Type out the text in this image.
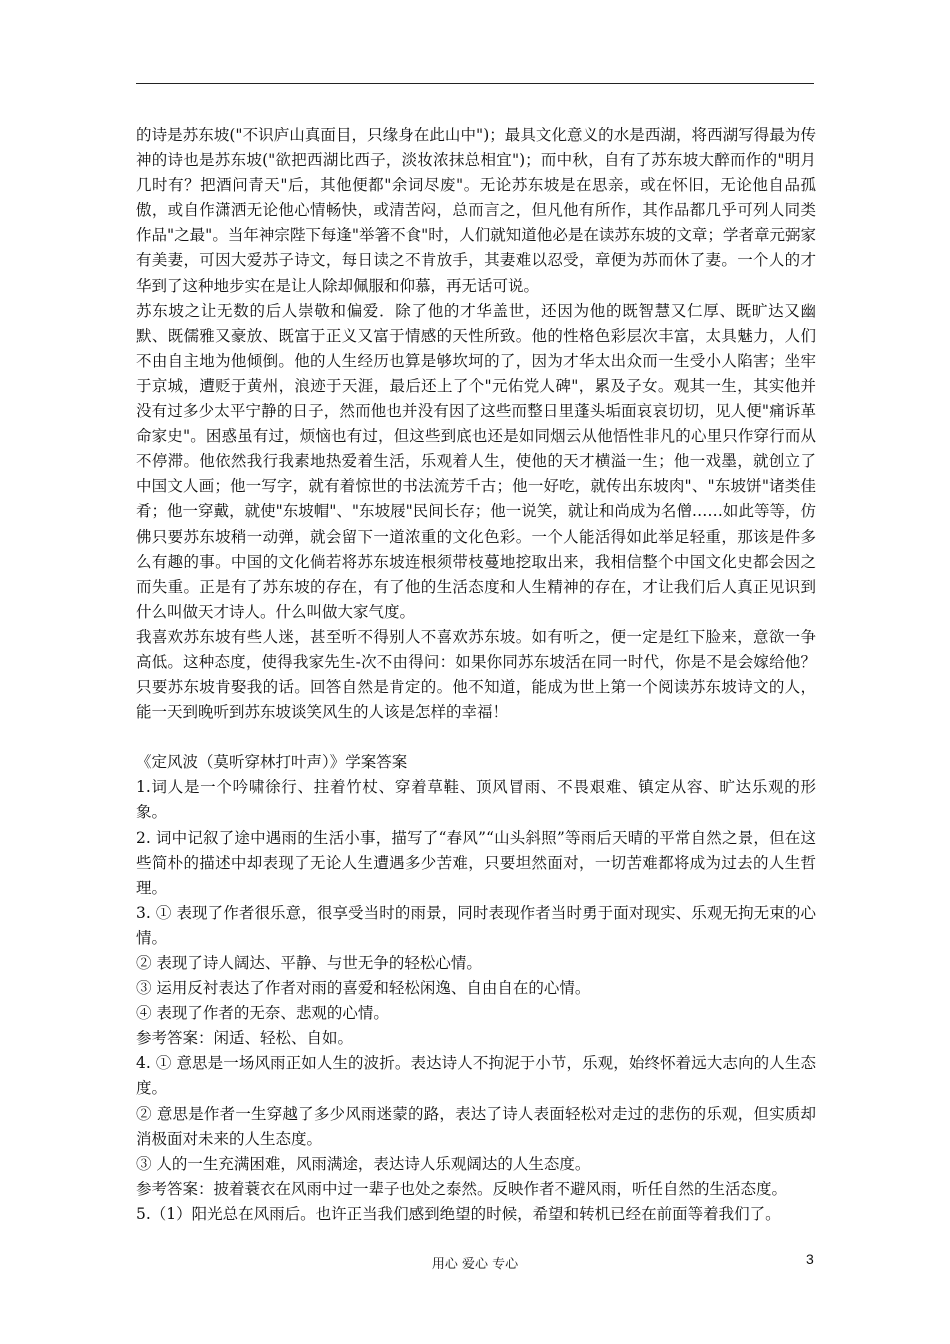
的诗是苏东坡("不识庐山真面目，只缘身在此山中")；最具文化意义的水是西湖，将西湖写得最为传神的诗也是苏东坡("欲把西湖比西子，淡妆浓抹总相宜")；而中秋，自有了苏东坡大醉而作的"明月几时有？把酒问青天"后，其他便都"余词尽废"。无论苏东坡是在思亲，或在怀旧，无论他自品孤傲，或自作潇洒无论他心情畅快，或清苦闷，总而言之，但凡他有所作，其作品都几乎可列人同类作品"之最"。当年神宗陛下每逢"举箸不食"时，人们就知道他必是在读苏东坡的文章；学者章元弼家有美妻，可因大爱苏子诗文，每日读之不肯放手，其妻难以忍受，章便为苏而休了妻。一个人的才华到了这种地步实在是让人除却佩服和仰慕，再无话可说。

苏东坡之让无数的后人崇敬和偏爱．除了他的才华盖世，还因为他的既智慧又仁厚、既旷达又幽默、既儒雅又豪放、既富于正义又富于情感的天性所致。他的性格色彩层次丰富，太具魅力，人们不由自主地为他倾倒。他的人生经历也算是够坎坷的了，因为才华太出众而一生受小人陷害；坐牢于京城，遭贬于黄州，浪迹于天涯，最后还上了个"元佑党人碑"，累及子女。观其一生，其实他并没有过多少太平宁静的日子，然而他也并没有因了这些而整日里蓬头垢面哀哀切切，见人便"痛诉革命家史"。困惑虽有过，烦恼也有过，但这些到底也还是如同烟云从他悟性非凡的心里只作穿行而从不停滞。他依然我行我素地热爱着生活，乐观着人生，使他的天才横溢一生；他一戏墨，就创立了中国文人画；他一写字，就有着惊世的书法流芳千古；他一好吃，就传出东坡肉"、"东坡饼"诸类佳肴；他一穿戴，就使"东坡帽"、"东坡屐"民间长存；他一说笑，就让和尚成为名僧……如此等等，仿佛只要苏东坡稍一动弹，就会留下一道浓重的文化色彩。一个人能活得如此举足轻重，那该是件多么有趣的事。中国的文化倘若将苏东坡连根须带枝蔓地挖取出来，我相信整个中国文化史都会因之而失重。正是有了苏东坡的存在，有了他的生活态度和人生精神的存在，才让我们后人真正见识到什么叫做天才诗人。什么叫做大家气度。

我喜欢苏东坡有些人迷，甚至听不得别人不喜欢苏东坡。如有听之，便一定是红下脸来，意欲一争高低。这种态度，使得我家先生-次不由得问：如果你同苏东坡活在同一时代，你是不是会嫁给他？只要苏东坡肯娶我的话。回答自然是肯定的。他不知道，能成为世上第一个阅读苏东坡诗文的人，能一天到晚听到苏东坡谈笑风生的人该是怎样的幸福！

《定风波（莫听穿林打叶声）》学案答案

1.词人是一个吟啸徐行、拄着竹杖、穿着草鞋、顶风冒雨、不畏艰难、镇定从容、旷达乐观的形象。

2. 词中记叙了途中遇雨的生活小事，描写了“春风”“山头斜照”等雨后天晴的平常自然之景，但在这些简朴的描述中却表现了无论人生遭遇多少苦难，只要坦然面对，一切苦难都将成为过去的人生哲理。

3. ① 表现了作者很乐意，很享受当时的雨景，同时表现作者当时勇于面对现实、乐观无拘无束的心情。

② 表现了诗人阔达、平静、与世无争的轻松心情。

③ 运用反衬表达了作者对雨的喜爱和轻松闲逸、自由自在的心情。

④ 表现了作者的无奈、悲观的心情。

参考答案：闲适、轻松、自如。

4. ① 意思是一场风雨正如人生的波折。表达诗人不拘泥于小节，乐观，始终怀着远大志向的人生态度。

② 意思是作者一生穿越了多少风雨迷蒙的路，表达了诗人表面轻松对走过的悲伤的乐观，但实质却消极面对未来的人生态度。

③ 人的一生充满困难，风雨满途，表达诗人乐观阔达的人生态度。

参考答案：披着蓑衣在风雨中过一辈子也处之泰然。反映作者不避风雨，听任自然的生活态度。

5.（1）阳光总在风雨后。也许正当我们感到绝望的时候，希望和转机已经在前面等着我们了。

用心 爱心 专心	3
